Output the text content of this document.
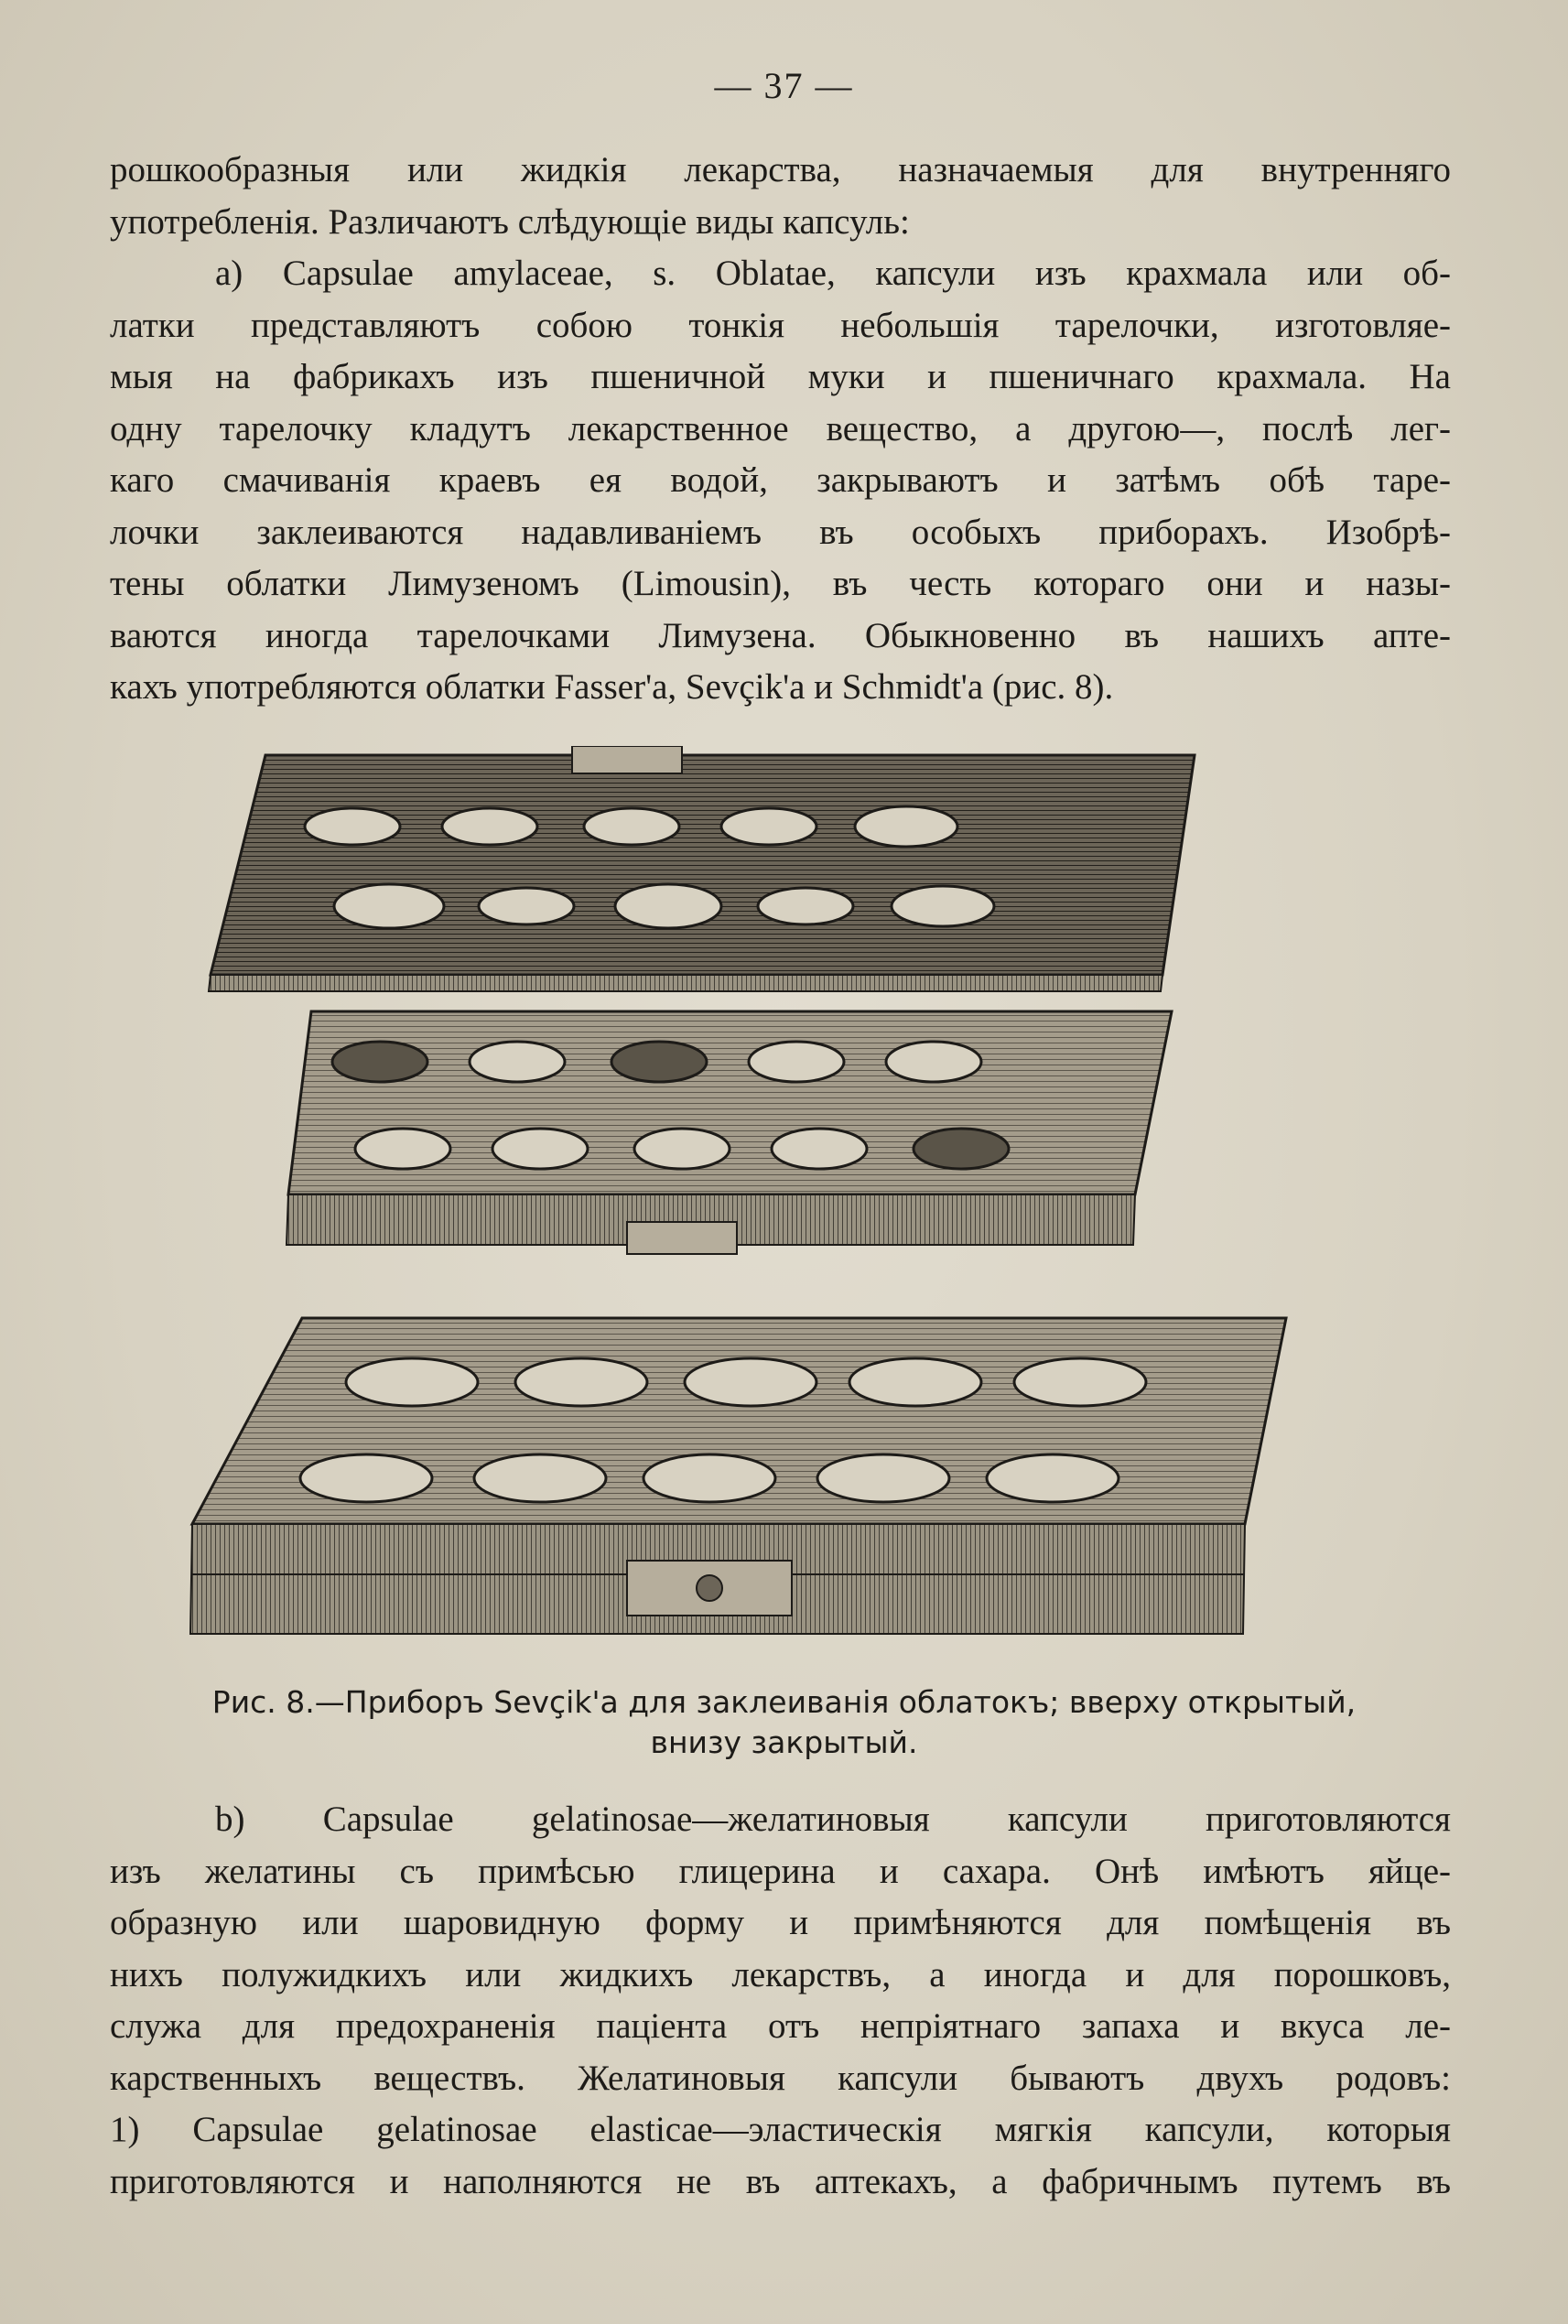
— 37 —
рошкообразныя или жидкія лекарства, назначаемыя для внутренняго
употребленія. Различаютъ слѣдующіе виды капсуль:
a) Capsulae amylaceae, s. Oblatae, капсули изъ крахмала или об-
латки представляютъ собою тонкія небольшія тарелочки, изготовляе-
мыя на фабрикахъ изъ пшеничной муки и пшеничнаго крахмала. На
одну тарелочку кладутъ лекарственное вещество, а другою—, послѣ лег-
каго смачиванія краевъ ея водой, закрываютъ и затѣмъ обѣ таре-
лочки заклеиваются надавливаніемъ въ особыхъ приборахъ. Изобрѣ-
тены облатки Лимузеномъ (Limousin), въ честь котораго они и назы-
ваются иногда тарелочками Лимузена. Обыкновенно въ нашихъ апте-
кахъ употребляются облатки Fasser'a, Sevçik'a и Schmidt'a (рис. 8).
Рис. 8.—Приборъ Sevçik'a для заклеиванія облатокъ; вверху открытый,
внизу закрытый.
b) Capsulae gelatinosae—желатиновыя капсули приготовляются
изъ желатины съ примѣсью глицерина и сахара. Онѣ имѣютъ яйце-
образную или шаровидную форму и примѣняются для помѣщенія въ
нихъ полужидкихъ или жидкихъ лекарствъ, а иногда и для порошковъ,
служа для предохраненія пацiента отъ непріятнаго запаха и вкуса ле-
карственныхъ веществъ. Желатиновыя капсули бываютъ двухъ родовъ:
1) Capsulae gelatinosae elasticae—эластическія мягкія капсули, которыя
приготовляются и наполняются не въ аптекахъ, а фабричнымъ путемъ въ
